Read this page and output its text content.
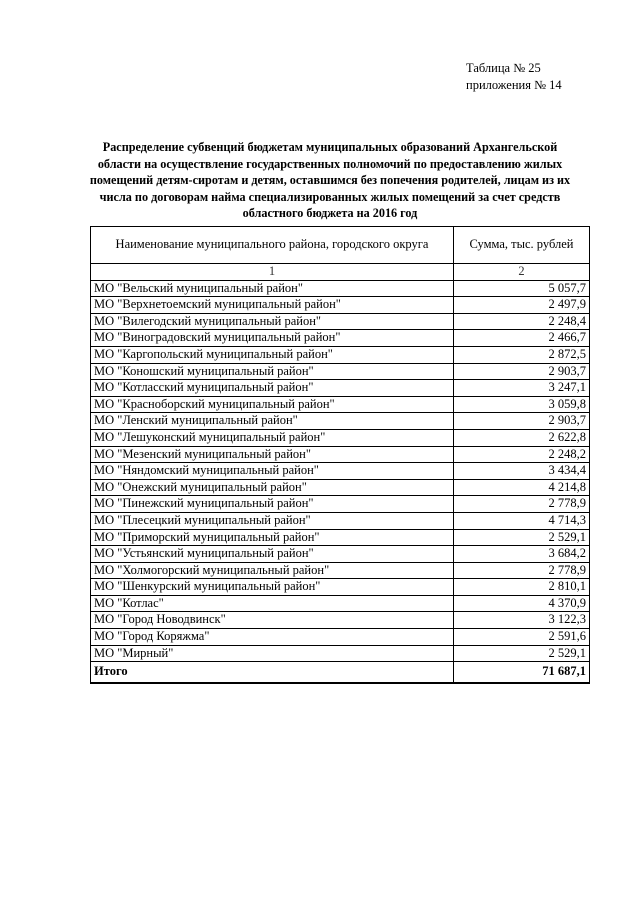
Таблица № 25
приложения № 14
Распределение субвенций бюджетам муниципальных образований Архангельской области на осуществление государственных полномочий по предоставлению жилых помещений детям-сиротам и детям, оставшимся без попечения родителей, лицам из их числа по договорам найма специализированных жилых помещений за счет средств областного бюджета на 2016 год
Наименование муниципального района, городского округа	Сумма, тыс. рублей
1	2
МО "Вельский муниципальный район"	5 057,7
МО "Верхнетоемский муниципальный район"	2 497,9
МО "Вилегодский муниципальный район"	2 248,4
МО "Виноградовский муниципальный район"	2 466,7
МО "Каргопольский муниципальный район"	2 872,5
МО "Коношский муниципальный район"	2 903,7
МО "Котласский муниципальный район"	3 247,1
МО "Красноборский муниципальный район"	3 059,8
МО "Ленский муниципальный район"	2 903,7
МО "Лешуконский муниципальный район"	2 622,8
МО "Мезенский муниципальный район"	2 248,2
МО "Няндомский муниципальный район"	3 434,4
МО "Онежский муниципальный район"	4 214,8
МО "Пинежский муниципальный район"	2 778,9
МО "Плесецкий муниципальный район"	4 714,3
МО "Приморский муниципальный район"	2 529,1
МО "Устьянский муниципальный район"	3 684,2
МО "Холмогорский муниципальный район"	2 778,9
МО "Шенкурский муниципальный район"	2 810,1
МО "Котлас"	4 370,9
МО "Город Новодвинск"	3 122,3
МО "Город Коряжма"	2 591,6
МО "Мирный"	2 529,1
Итого	71 687,1
